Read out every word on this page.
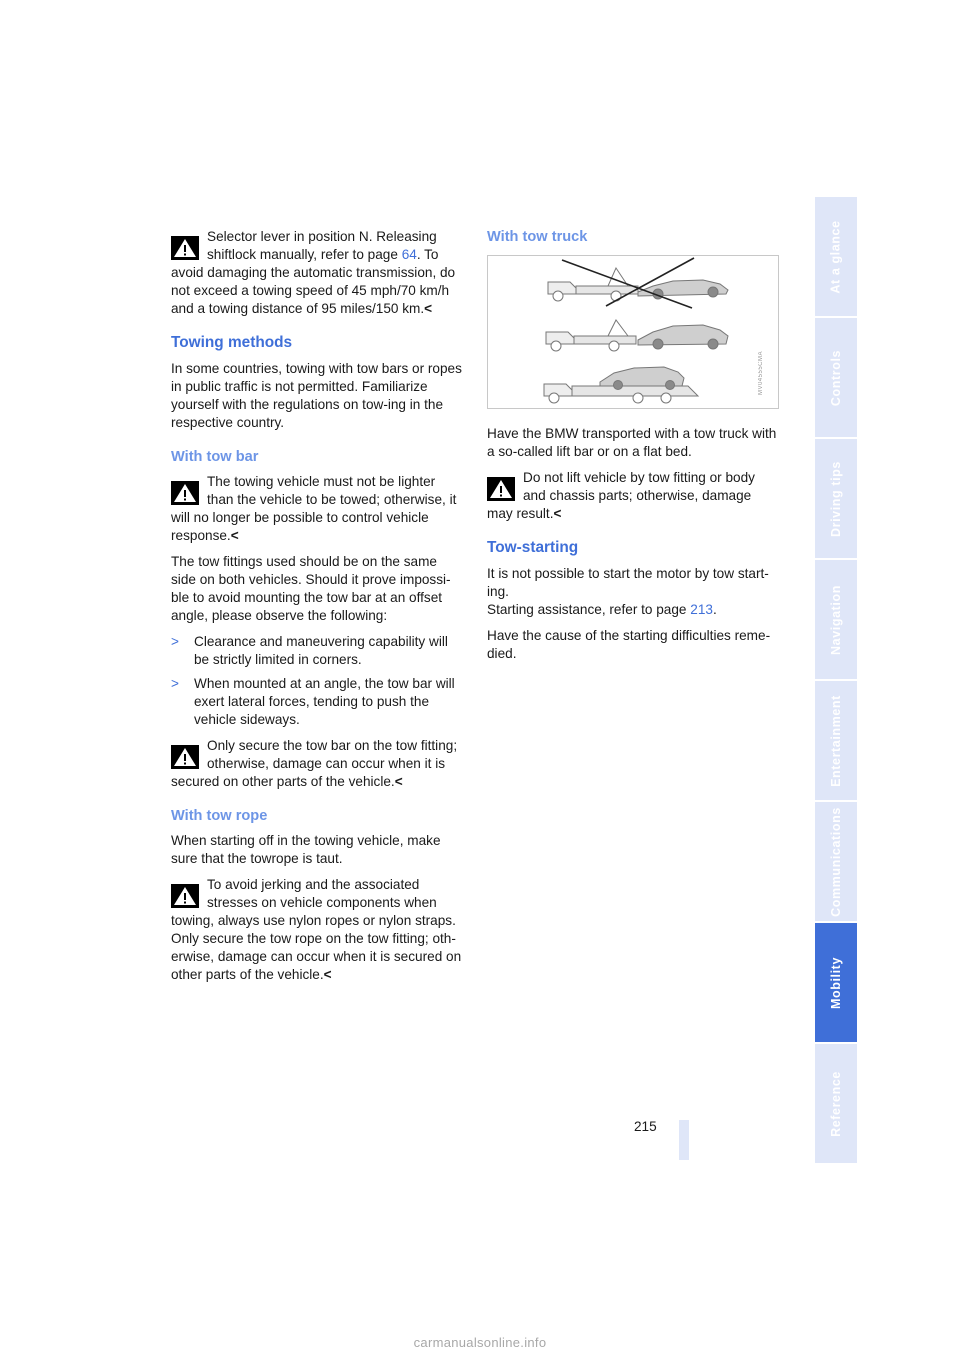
Selector lever in position N. Releasing shiftlock manually, refer to page 64. To avoid damaging the automatic transmission, do not exceed a towing speed of 45 mph/70 km/h and a towing distance of 95 miles/150 km.<
Towing methods

In some countries, towing with tow bars or ropes in public traffic is not permitted. Familiarize yourself with the regulations on tow-ing in the respective country.

With tow bar
The towing vehicle must not be lighter than the vehicle to be towed; otherwise, it will no longer be possible to control vehicle response.<

The tow fittings used should be on the same side on both vehicles. Should it prove impossi-ble to avoid mounting the tow bar at an offset angle, please observe the following:

> Clearance and maneuvering capability will be strictly limited in corners.
> When mounted at an angle, the tow bar will exert lateral forces, tending to push the vehicle sideways.
Only secure the tow bar on the tow fitting; otherwise, damage can occur when it is secured on other parts of the vehicle.<
With tow rope

When starting off in the towing vehicle, make sure that the towrope is taut.

To avoid jerking and the associated stresses on vehicle components when towing, always use nylon ropes or nylon straps. Only secure the tow rope on the tow fitting; oth-erwise, damage can occur when it is secured on other parts of the vehicle.<
With tow truck
MV04555CMA

Have the BMW transported with a tow truck with a so-called lift bar or on a flat bed.

Do not lift vehicle by tow fitting or body and chassis parts; otherwise, damage may result.<
Tow-starting

It is not possible to start the motor by tow start-ing.

Starting assistance, refer to page 213.

Have the cause of the starting difficulties reme-died.

At a glance
Controls
Driving tips
Navigation
Entertainment
Communications
Mobility
Reference
215
carmanualsonline.info
